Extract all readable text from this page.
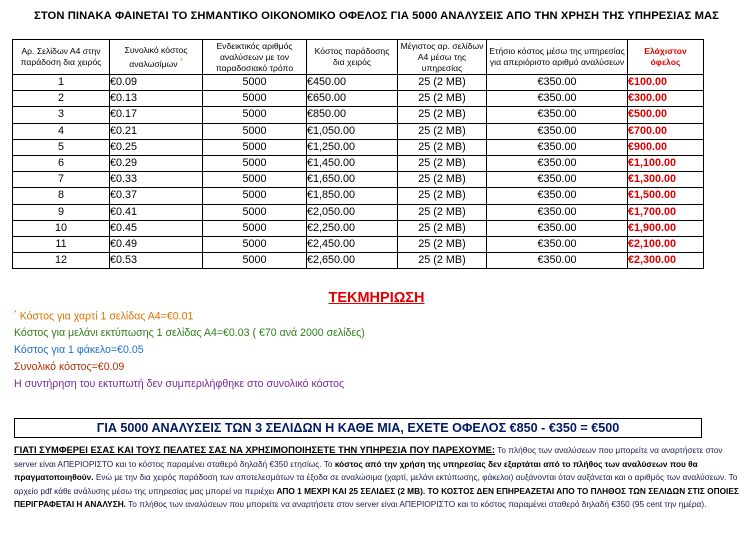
ΣΤΟΝ ΠΙΝΑΚΑ ΦΑΙΝΕΤΑΙ ΤΟ ΣΗΜΑΝΤΙΚΟ ΟΙΚΟΝΟΜΙΚΟ ΟΦΕΛΟΣ ΓΙΑ 5000 ΑΝΑΛΥΣΕΙΣ ΑΠΟ ΤΗΝ ΧΡΗΣΗ ΤΗΣ ΥΠΗΡΕΣΙΑΣ ΜΑΣ
Αρ. Σελίδων Α4 στην παράδοση δια χειρός	Συνολικό κόστος αναλωσίμων *	Ενδεικτικός αριθμός αναλύσεων με τον παραδοσιακό τρόπο	Κόστος παράδοσης δια χειρός	Μέγιστος αρ. σελίδων Α4 μέσω της υπηρεσίας	Ετήσιο κόστος μέσω της υπηρεσίας για απεριόριστο αριθμό αναλύσεων	Ελάχιστον όφελος
1	€0.09	5000	€450.00	25 (2 MB)	€350.00	€100.00
2	€0.13	5000	€650.00	25 (2 MB)	€350.00	€300.00
3	€0.17	5000	€850.00	25 (2 MB)	€350.00	€500.00
4	€0.21	5000	€1,050.00	25 (2 MB)	€350.00	€700.00
5	€0.25	5000	€1,250.00	25 (2 MB)	€350.00	€900.00
6	€0.29	5000	€1,450.00	25 (2 MB)	€350.00	€1,100.00
7	€0.33	5000	€1,650.00	25 (2 MB)	€350.00	€1,300.00
8	€0.37	5000	€1,850.00	25 (2 MB)	€350.00	€1,500.00
9	€0.41	5000	€2,050.00	25 (2 MB)	€350.00	€1,700.00
10	€0.45	5000	€2,250.00	25 (2 MB)	€350.00	€1,900.00
11	€0.49	5000	€2,450.00	25 (2 MB)	€350.00	€2,100.00
12	€0.53	5000	€2,650.00	25 (2 MB)	€350.00	€2,300.00
ΤΕΚΜΗΡΙΩΣΗ
* Κόστος για χαρτί 1 σελίδας Α4=€0.01
Κόστος για μελάνι εκτύπωσης 1 σελίδας Α4=€0.03 ( €70 ανά 2000 σελίδες)
Κόστος για 1 φάκελο=€0.05
Συνολικό κόστος=€0.09
Η συντήρηση του εκτυπωτή δεν συμπεριλήφθηκε στο συνολικό κόστος
ΓΙΑ 5000 ΑΝΑΛΥΣΕΙΣ ΤΩΝ 3 ΣΕΛΙΔΩΝ Η ΚΑΘΕ ΜΙΑ, ΕΧΕΤΕ ΟΦΕΛΟΣ €850 - €350 = €500
ΓΙΑΤΙ ΣΥΜΦΕΡΕΙ ΕΣΑΣ ΚΑΙ ΤΟΥΣ ΠΕΛΑΤΕΣ ΣΑΣ ΝΑ ΧΡΗΣΙΜΟΠΟΙΗΣΕΤΕ ΤΗΝ ΥΠΗΡΕΣΙΑ ΠΟΥ ΠΑΡΕΧΟΥΜΕ: Το πλήθος των αναλύσεων που μπορείτε να αναρτήσετε στον server είναι ΑΠΕΡΙΟΡΙΣΤΟ και το κόστος παραμένει σταθερό δηλαδή €350 ετησίως. Το κόστος από την χρήση της υπηρεσίας δεν εξαρτάται από το πλήθος των αναλύσεων που θα πραγματοποιηθούν. Ενώ με την δια χειρός παράδοση των αποτελεσμάτων τα έξοδα σε αναλώσιμα (χαρτί, μελάνι εκτύπωσης, φάκελοι) αυξάνονται όταν αυξάνεται και ο αριθμός των αναλύσεων. Το αρχείο pdf κάθε ανάλυσης μέσω της υπηρεσίας μας μπορεί να περιέχει ΑΠΟ 1 ΜΕΧΡΙ ΚΑΙ 25 ΣΕΛΙΔΕΣ (2 MB). ΤΟ ΚΟΣΤΟΣ ΔΕΝ ΕΠΗΡΕΑΖΕΤΑΙ ΑΠΟ ΤΟ ΠΛΗΘΟΣ ΤΩΝ ΣΕΛΙΔΩΝ ΣΤΙΣ ΟΠΟΙΕΣ ΠΕΡΙΓΡΑΦΕΤΑΙ Η ΑΝΑΛΥΣΗ. Το πλήθος των αναλύσεων που μπορείτε να αναρτήσετε στον server είναι ΑΠΕΡΙΟΡΙΣΤΟ και το κόστος παραμένει σταθερό δηλαδή €350 (95 cent την ημέρα).
